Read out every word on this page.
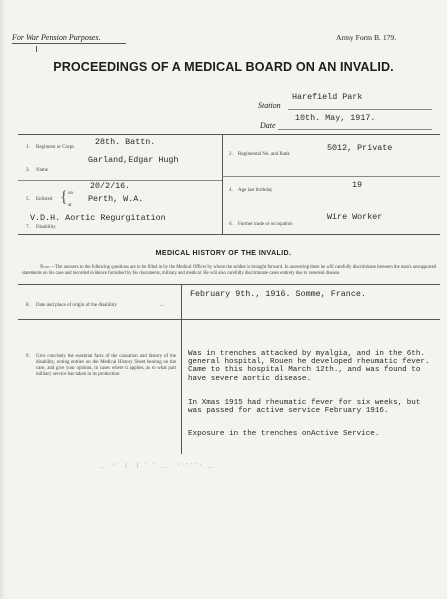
For War Pension Purposes.	Army Form B. 179.
PROCEEDINGS OF A MEDICAL BOARD ON AN INVALID.
Harefield Park
Station
10th. May, 1917.
Date
1. Regiment or Corps
28th. Battn.
2. Regimental No. and Rank
5012, Private
3. Name
Garland,Edgar Hugh
4. Age last birthday
19
5. Enlisted { on
at
20/2/16.
Perth, W.A.
6. Former trade or occupation
Wire Worker
V.D.H. Aortic Regurgitation
7. Disability
MEDICAL HISTORY OF THE INVALID.
Note.—The answers to the following questions are to be filled in by the Medical Officer by whom the soldier is brought forward. In answering them he will carefully discriminate between the man's unsupported statements on his case and recorded evidence furnished by his documents, military and medical. He will also carefully discriminate cases entirely due to venereal disease.
8. Date and place of origin of the disability	...
February 9th., 1916. Somme, France.
9. Give concisely the essential facts of the causation and history of the disability, noting entries on the Medical History Sheet bearing on the case, and give your opinion, in cases where it applies, as to what part military service has taken in its production
Was in trenches attacked by myalgia, and in the 6th. general hospital, Rouen he developed rheumatic fever. Came to this hospital March 12th., and was found to have severe aortic disease.
In Xmas 1915 had rheumatic fever for six weeks, but was passed for active service February 1916.
Exposure in the trenches onActive Service.
… ʻʿ l. l ʼ ʼ …ʿ ʻʿʽʼʼʻ …
